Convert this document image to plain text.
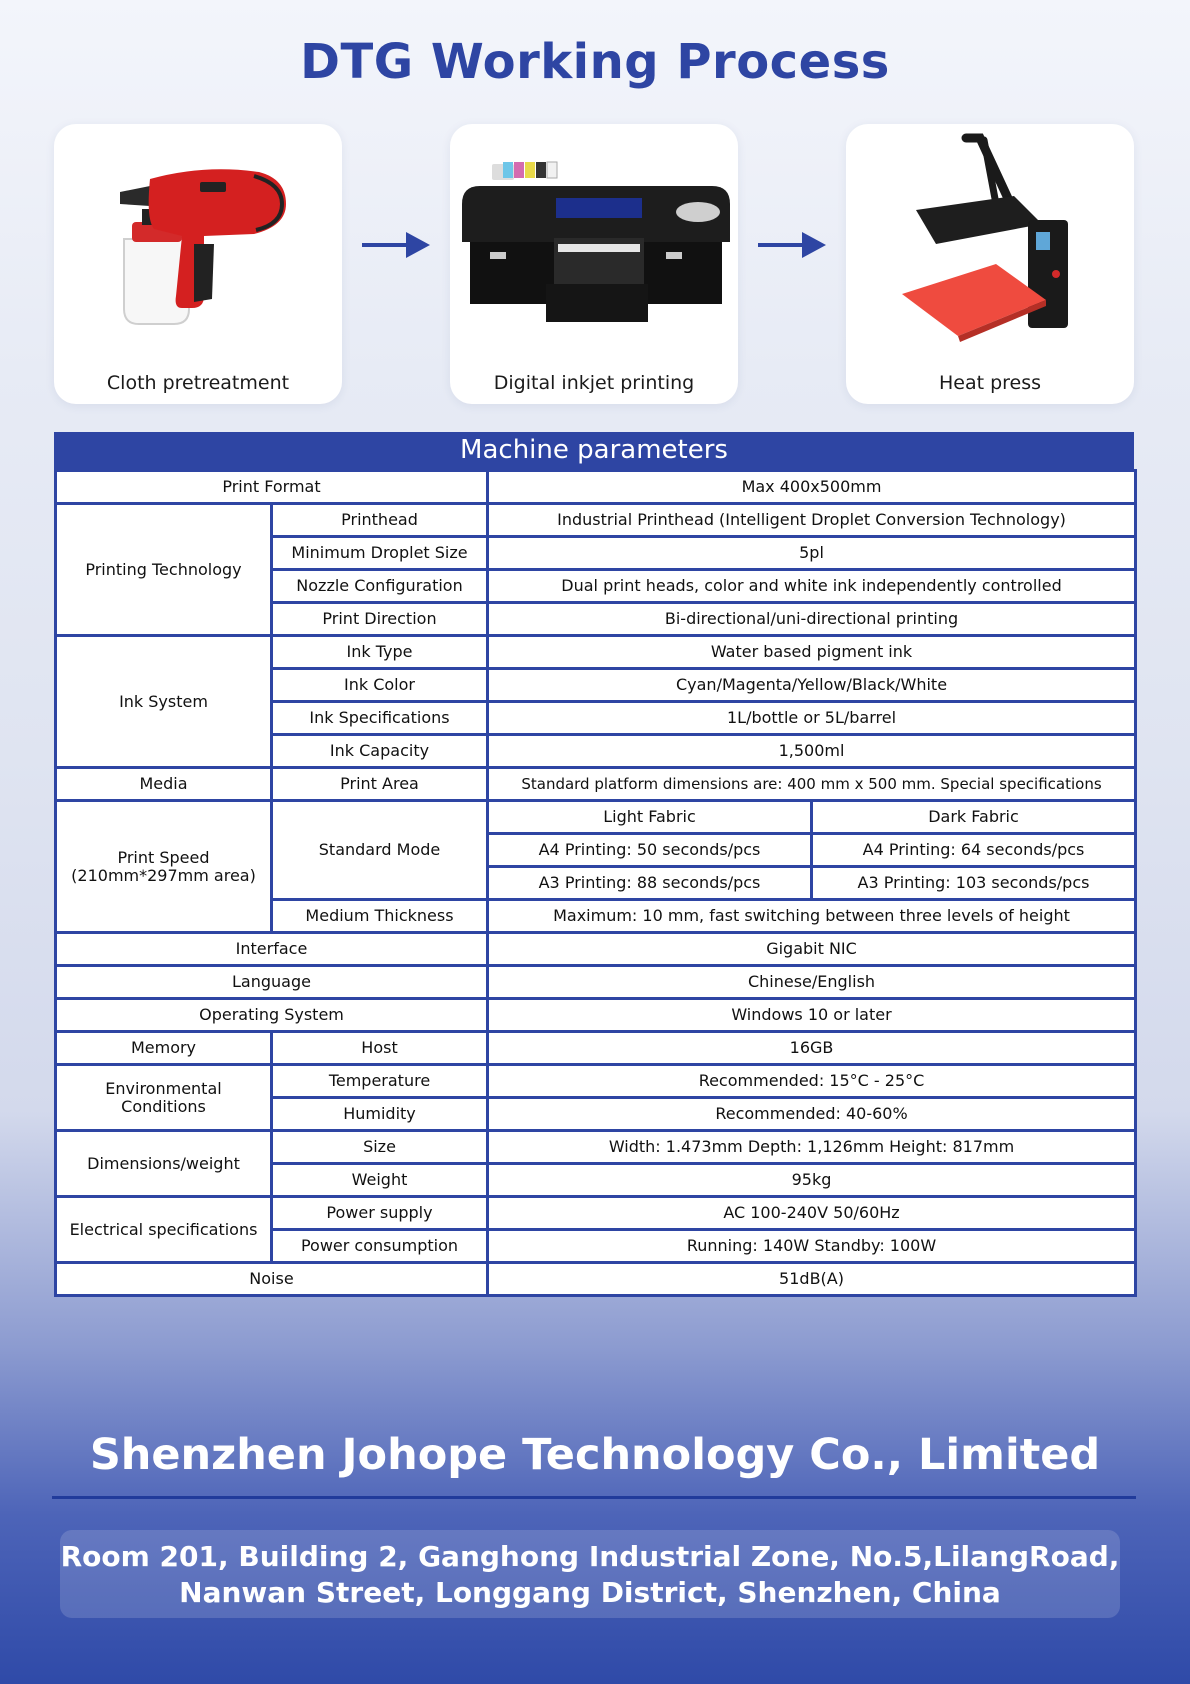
DTG Working Process
Cloth pretreatment	Digital inkjet printing	Heat press
Machine parameters
Print Format		Max 400x500mm	
Printing Technology	Printhead	Industrial Printhead (Intelligent Droplet Conversion Technology)	
	Minimum Droplet Size	5pl	
	Nozzle Configuration	Dual print heads, color and white ink independently controlled	
	Print Direction	Bi-directional/uni-directional printing	
Ink System	Ink Type	Water based pigment ink	
	Ink Color	Cyan/Magenta/Yellow/Black/White	
	Ink Specifications	1L/bottle or 5L/barrel	
	Ink Capacity	1,500ml	
Media	Print Area	Standard platform dimensions are: 400 mm x 500 mm. Special specifications	
Print Speed
(210mm*297mm area)	Standard Mode	Light Fabric	Dark Fabric
		A4 Printing: 50 seconds/pcs	A4 Printing: 64 seconds/pcs
		A3 Printing: 88 seconds/pcs	A3 Printing: 103 seconds/pcs
	Medium Thickness	Maximum: 10 mm, fast switching between three levels of height	
Interface		Gigabit NIC	
Language		Chinese/English	
Operating System		Windows 10 or later	
Memory	Host	16GB	
Environmental
Conditions	Temperature	Recommended: 15°C - 25°C	
	Humidity	Recommended: 40-60%	
Dimensions/weight	Size	Width: 1.473mm Depth: 1,126mm Height: 817mm	
	Weight	95kg	
Electrical specifications	Power supply	AC 100-240V 50/60Hz	
	Power consumption	Running: 140W Standby: 100W	
Noise		51dB(A)	
Shenzhen Johope Technology Co., Limited
Room 201, Building 2, Ganghong Industrial Zone, No.5,LilangRoad,
Nanwan Street, Longgang District, Shenzhen, China
